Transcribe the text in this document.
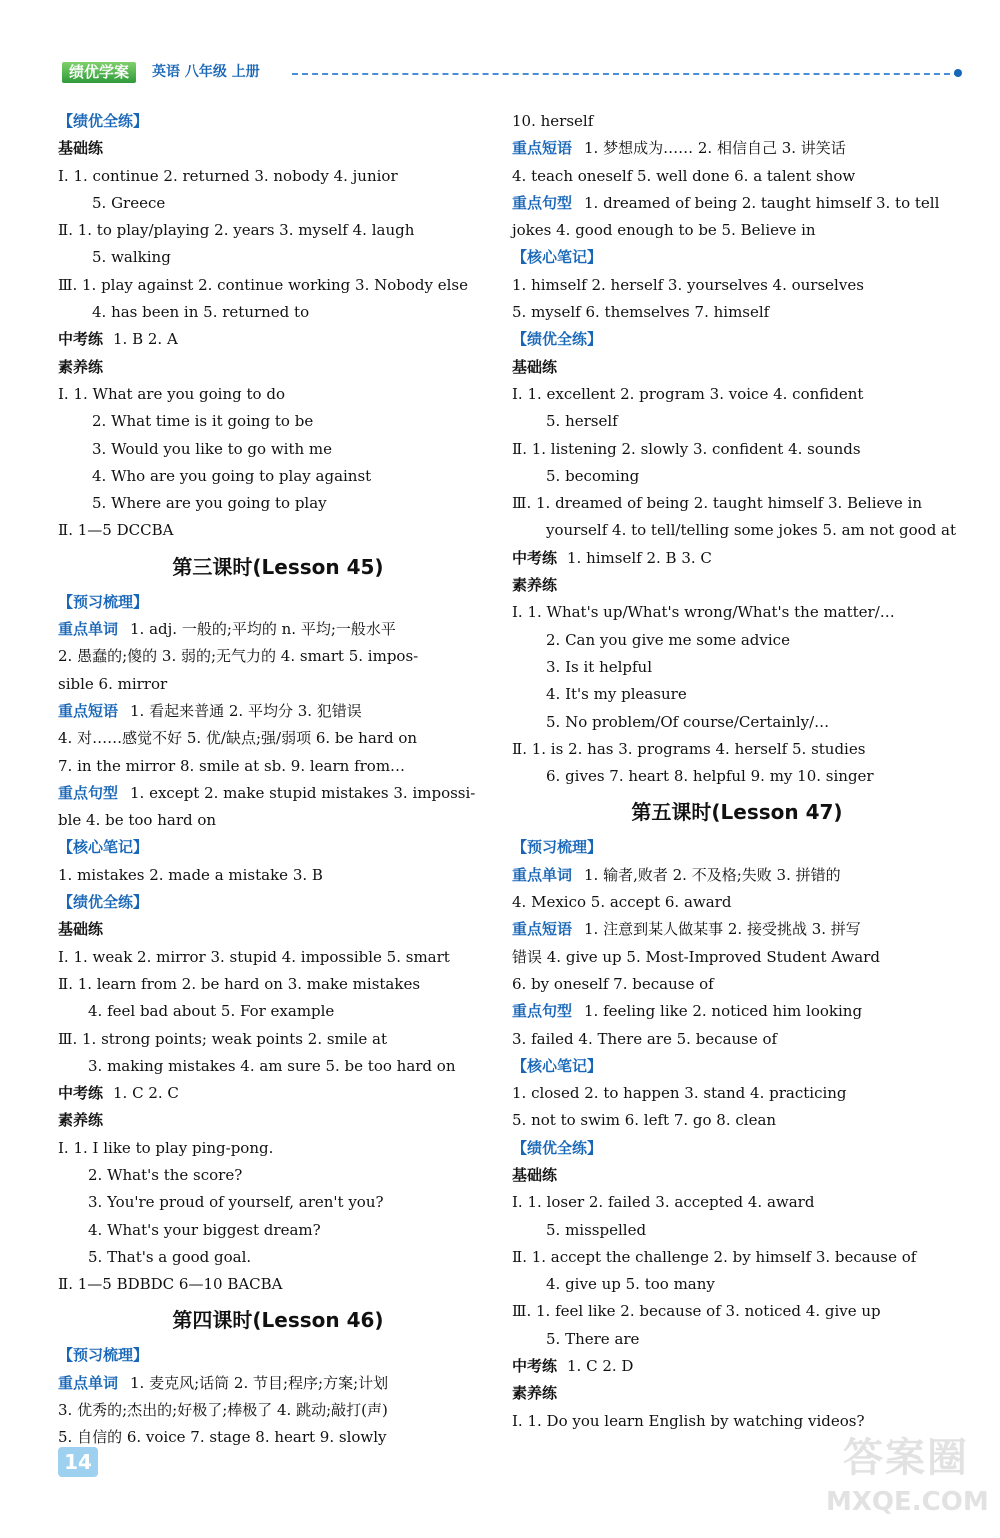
绩优学案	英语 八年级 上册
【绩优全练】
基础练
Ⅰ. 1. continue 2. returned 3. nobody 4. junior
5. Greece
Ⅱ. 1. to play/playing 2. years 3. myself 4. laugh
5. walking
Ⅲ. 1. play against 2. continue working 3. Nobody else
4. has been in 5. returned to
中考练 1. B 2. A
素养练
Ⅰ. 1. What are you going to do
2. What time is it going to be
3. Would you like to go with me
4. Who are you going to play against
5. Where are you going to play
Ⅱ. 1—5 DCCBA
第三课时(Lesson 45)
【预习梳理】
重点单词 1. adj. 一般的;平均的 n. 平均;一般水平
2. 愚蠢的;傻的 3. 弱的;无气力的 4. smart 5. impos-
sible 6. mirror
重点短语 1. 看起来普通 2. 平均分 3. 犯错误
4. 对……感觉不好 5. 优/缺点;强/弱项 6. be hard on
7. in the mirror 8. smile at sb. 9. learn from…
重点句型 1. except 2. make stupid mistakes 3. impossi-
ble 4. be too hard on
【核心笔记】
1. mistakes 2. made a mistake 3. B
【绩优全练】
基础练
Ⅰ. 1. weak 2. mirror 3. stupid 4. impossible 5. smart
Ⅱ. 1. learn from 2. be hard on 3. make mistakes
4. feel bad about 5. For example
Ⅲ. 1. strong points; weak points 2. smile at
3. making mistakes 4. am sure 5. be too hard on
中考练 1. C 2. C
素养练
Ⅰ. 1. I like to play ping-pong.
2. What's the score?
3. You're proud of yourself, aren't you?
4. What's your biggest dream?
5. That's a good goal.
Ⅱ. 1—5 BDBDC 6—10 BACBA
第四课时(Lesson 46)
【预习梳理】
重点单词 1. 麦克风;话筒 2. 节目;程序;方案;计划
3. 优秀的;杰出的;好极了;棒极了 4. 跳动;敲打(声)
5. 自信的 6. voice 7. stage 8. heart 9. slowly
10. herself
重点短语 1. 梦想成为…… 2. 相信自己 3. 讲笑话
4. teach oneself 5. well done 6. a talent show
重点句型 1. dreamed of being 2. taught himself 3. to tell
jokes 4. good enough to be 5. Believe in
【核心笔记】
1. himself 2. herself 3. yourselves 4. ourselves
5. myself 6. themselves 7. himself
【绩优全练】
基础练
Ⅰ. 1. excellent 2. program 3. voice 4. confident
5. herself
Ⅱ. 1. listening 2. slowly 3. confident 4. sounds
5. becoming
Ⅲ. 1. dreamed of being 2. taught himself 3. Believe in
yourself 4. to tell/telling some jokes 5. am not good at
中考练 1. himself 2. B 3. C
素养练
Ⅰ. 1. What's up/What's wrong/What's the matter/…
2. Can you give me some advice
3. Is it helpful
4. It's my pleasure
5. No problem/Of course/Certainly/…
Ⅱ. 1. is 2. has 3. programs 4. herself 5. studies
6. gives 7. heart 8. helpful 9. my 10. singer
第五课时(Lesson 47)
【预习梳理】
重点单词 1. 输者,败者 2. 不及格;失败 3. 拼错的
4. Mexico 5. accept 6. award
重点短语 1. 注意到某人做某事 2. 接受挑战 3. 拼写
错误 4. give up 5. Most-Improved Student Award
6. by oneself 7. because of
重点句型 1. feeling like 2. noticed him looking
3. failed 4. There are 5. because of
【核心笔记】
1. closed 2. to happen 3. stand 4. practicing
5. not to swim 6. left 7. go 8. clean
【绩优全练】
基础练
Ⅰ. 1. loser 2. failed 3. accepted 4. award
5. misspelled
Ⅱ. 1. accept the challenge 2. by himself 3. because of
4. give up 5. too many
Ⅲ. 1. feel like 2. because of 3. noticed 4. give up
5. There are
中考练 1. C 2. D
素养练
Ⅰ. 1. Do you learn English by watching videos?
14	答案圈
MXQE.COM
